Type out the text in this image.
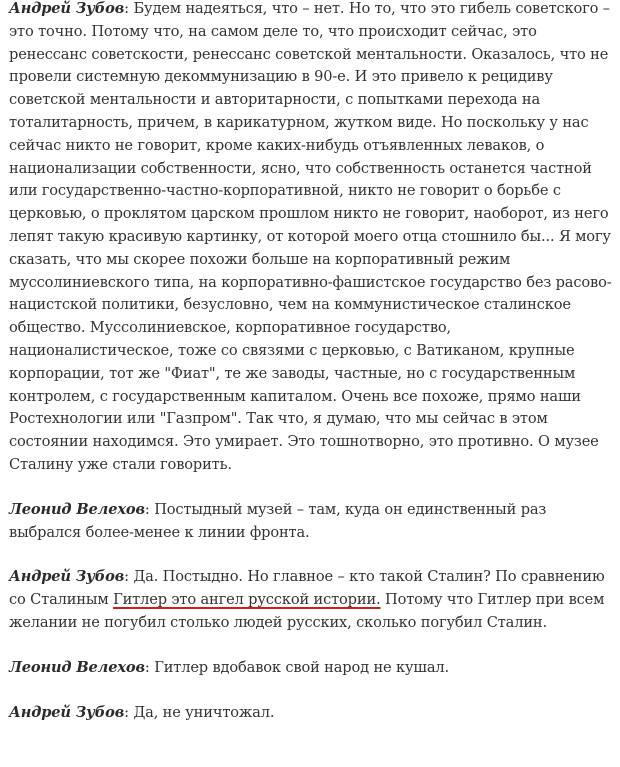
Андрей Зубов: Будем надеяться, что – нет. Но то, что это гибель советского – это точно. Потому что, на самом деле то, что происходит сейчас, это ренессанс советскости, ренессанс советской ментальности. Оказалось, что не провели системную декоммунизацию в 90-е. И это привело к рецидиву советской ментальности и авторитарности, с попытками перехода на тоталитарность, причем, в карикатурном, жутком виде. Но поскольку у нас сейчас никто не говорит, кроме каких-нибудь отъявленных леваков, о национализации собственности, ясно, что собственность останется частной или государственно-частно-корпоративной, никто не говорит о борьбе с церковью, о проклятом царском прошлом никто не говорит, наоборот, из него лепят такую красивую картинку, от которой моего отца стошнило бы... Я могу сказать, что мы скорее похожи больше на корпоративный режим муссолиниевского типа, на корпоративно-фашистское государство без расово-нацистской политики, безусловно, чем на коммунистическое сталинское общество. Муссолиниевское, корпоративное государство, националистическое, тоже со связями с церковью, с Ватиканом, крупные корпорации, тот же "Фиат", те же заводы, частные, но с государственным контролем, с государственным капиталом. Очень все похоже, прямо наши Ростехнологии или "Газпром". Так что, я думаю, что мы сейчас в этом состоянии находимся. Это умирает. Это тошнотворно, это противно. О музее Сталину уже стали говорить.

Леонид Велехов: Постыдный музей – там, куда он единственный раз выбрался более-менее к линии фронта.

Андрей Зубов: Да. Постыдно. Но главное – кто такой Сталин? По сравнению со Сталиным Гитлер это ангел русской истории. Потому что Гитлер при всем желании не погубил столько людей русских, сколько погубил Сталин.

Леонид Велехов: Гитлер вдобавок свой народ не кушал.

Андрей Зубов: Да, не уничтожал.
